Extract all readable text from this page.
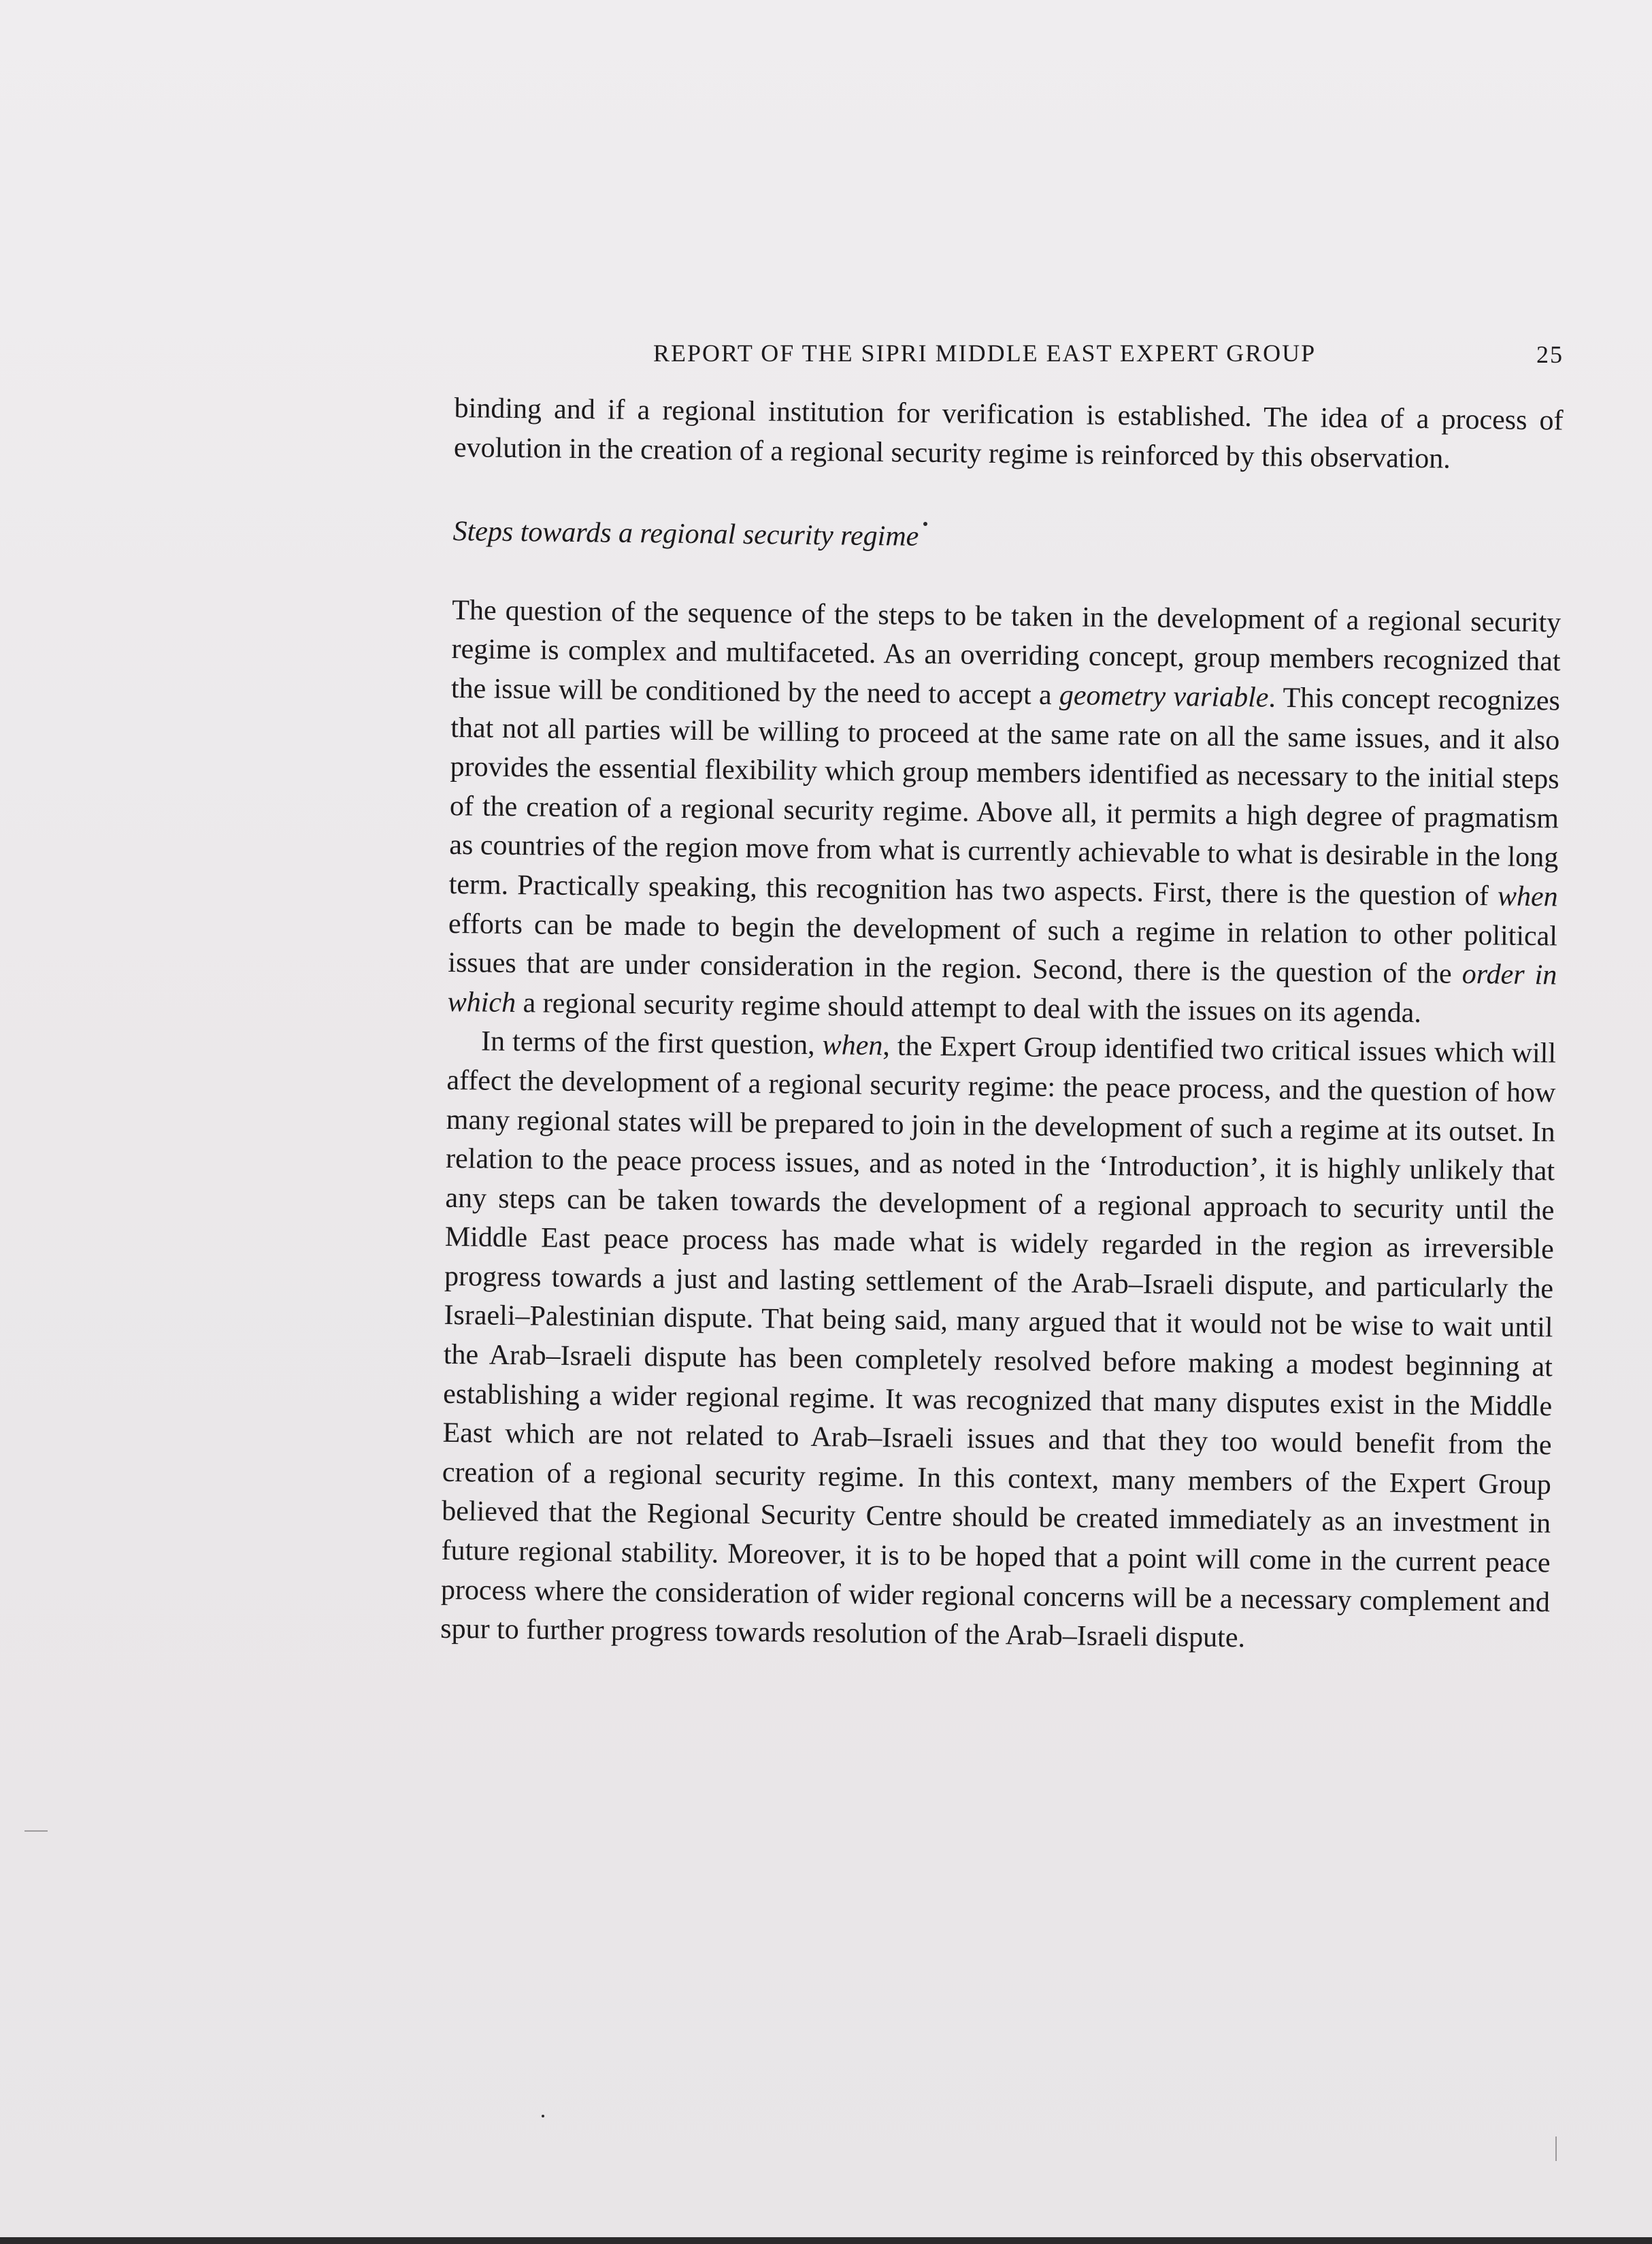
REPORT OF THE SIPRI MIDDLE EAST EXPERT GROUP	25

binding and if a regional institution for verification is established. The idea of a process of evolution in the creation of a regional security regime is reinforced by this observation.

Steps towards a regional security regime

The question of the sequence of the steps to be taken in the development of a regional security regime is complex and multifaceted. As an overriding concept, group members recognized that the issue will be conditioned by the need to accept a geometry variable. This concept recognizes that not all parties will be willing to proceed at the same rate on all the same issues, and it also provides the essential flexibility which group members identified as necessary to the initial steps of the creation of a regional security regime. Above all, it permits a high degree of pragmatism as countries of the region move from what is currently achievable to what is desirable in the long term. Practically speaking, this recognition has two aspects. First, there is the question of when efforts can be made to begin the development of such a regime in relation to other political issues that are under consideration in the region. Second, there is the question of the order in which a regional security regime should attempt to deal with the issues on its agenda.

In terms of the first question, when, the Expert Group identified two critical issues which will affect the development of a regional security regime: the peace process, and the question of how many regional states will be prepared to join in the development of such a regime at its outset. In relation to the peace process issues, and as noted in the ‘Introduction’, it is highly unlikely that any steps can be taken towards the development of a regional approach to security until the Middle East peace process has made what is widely regarded in the region as irreversible progress towards a just and lasting settlement of the Arab–Israeli dispute, and particularly the Israeli–Palestinian dispute. That being said, many argued that it would not be wise to wait until the Arab–Israeli dispute has been completely resolved before making a modest beginning at establishing a wider regional regime. It was recognized that many disputes exist in the Middle East which are not related to Arab–Israeli issues and that they too would benefit from the creation of a regional security regime. In this context, many members of the Expert Group believed that the Regional Security Centre should be created immediately as an investment in future regional stability. Moreover, it is to be hoped that a point will come in the current peace process where the consideration of wider regional concerns will be a necessary complement and spur to further progress towards resolution of the Arab–Israeli dispute.
